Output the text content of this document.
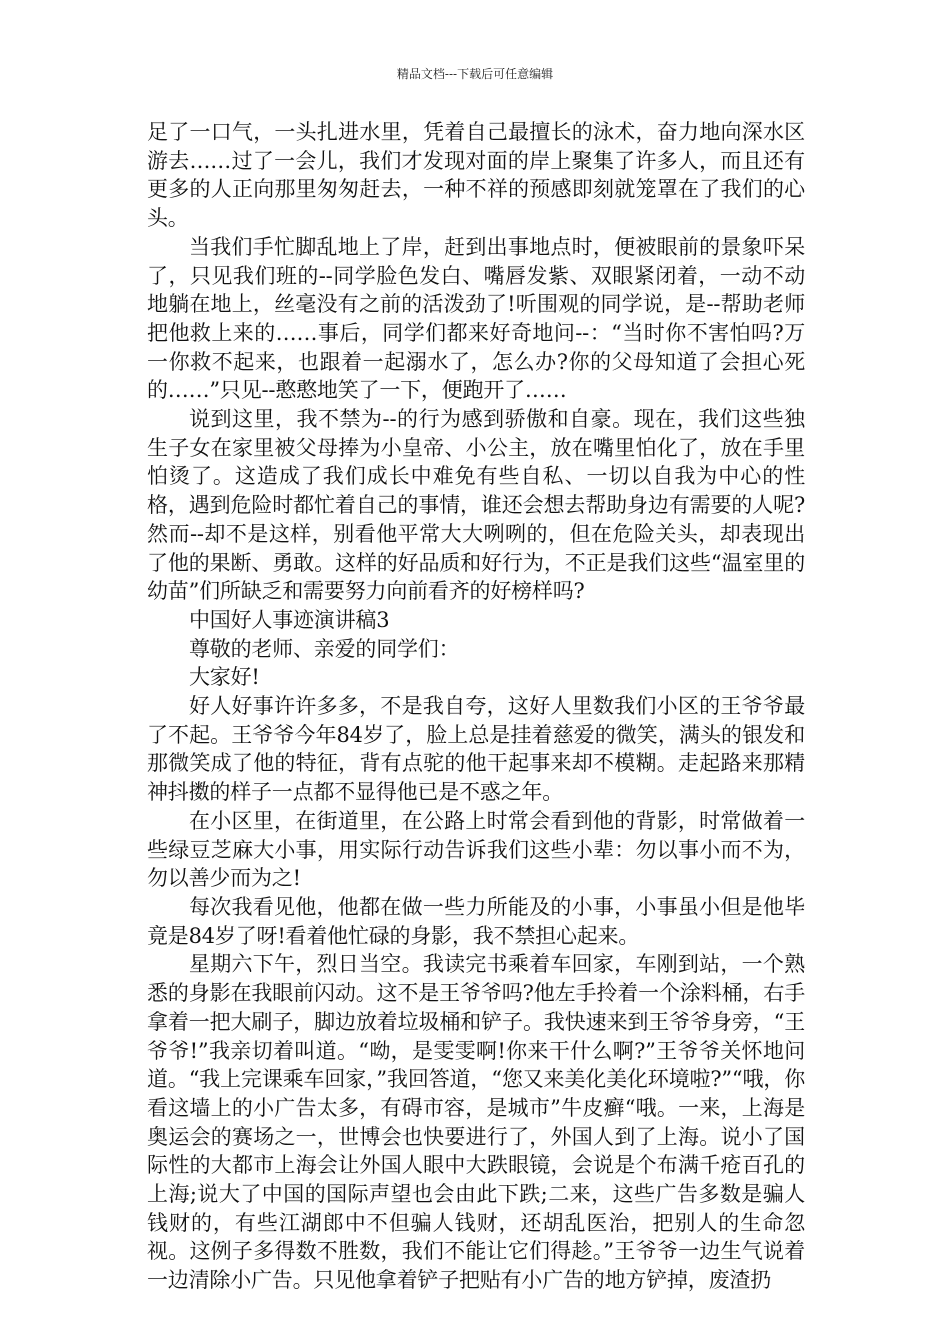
精品文档---下载后可任意编辑

足了一口气，一头扎进水里，凭着自己最擅长的泳术，奋力地向深水区游去……过了一会儿，我们才发现对面的岸上聚集了许多人，而且还有更多的人正向那里匆匆赶去，一种不祥的预感即刻就笼罩在了我们的心头。

当我们手忙脚乱地上了岸，赶到出事地点时，便被眼前的景象吓呆了，只见我们班的--同学脸色发白、嘴唇发紫、双眼紧闭着，一动不动地躺在地上，丝毫没有之前的活泼劲了!听围观的同学说，是--帮助老师把他救上来的……事后，同学们都来好奇地问--：“当时你不害怕吗?万一你救不起来，也跟着一起溺水了，怎么办?你的父母知道了会担心死的……”只见--憨憨地笑了一下，便跑开了……

说到这里，我不禁为--的行为感到骄傲和自豪。现在，我们这些独生子女在家里被父母捧为小皇帝、小公主，放在嘴里怕化了，放在手里怕烫了。这造成了我们成长中难免有些自私、一切以自我为中心的性格，遇到危险时都忙着自己的事情，谁还会想去帮助身边有需要的人呢?然而--却不是这样，别看他平常大大咧咧的，但在危险关头，却表现出了他的果断、勇敢。这样的好品质和好行为，不正是我们这些“温室里的幼苗”们所缺乏和需要努力向前看齐的好榜样吗?

中国好人事迹演讲稿3

尊敬的老师、亲爱的同学们：

大家好!

好人好事许许多多，不是我自夸，这好人里数我们小区的王爷爷最了不起。王爷爷今年84岁了，脸上总是挂着慈爱的微笑，满头的银发和那微笑成了他的特征，背有点驼的他干起事来却不模糊。走起路来那精神抖擞的样子一点都不显得他已是不惑之年。

在小区里，在街道里，在公路上时常会看到他的背影，时常做着一些绿豆芝麻大小事，用实际行动告诉我们这些小辈：勿以事小而不为，勿以善少而为之!

每次我看见他，他都在做一些力所能及的小事，小事虽小但是他毕竟是84岁了呀!看着他忙碌的身影，我不禁担心起来。

星期六下午，烈日当空。我读完书乘着车回家，车刚到站，一个熟悉的身影在我眼前闪动。这不是王爷爷吗?他左手拎着一个涂料桶，右手拿着一把大刷子，脚边放着垃圾桶和铲子。我快速来到王爷爷身旁，“王爷爷!”我亲切着叫道。“呦，是雯雯啊!你来干什么啊?”王爷爷关怀地问道。“我上完课乘车回家，”我回答道，“您又来美化美化环境啦?”“哦，你看这墙上的小广告太多，有碍市容，是城市”牛皮癣“哦。一来，上海是奥运会的赛场之一，世博会也快要进行了，外国人到了上海。说小了国际性的大都市上海会让外国人眼中大跌眼镜，会说是个布满千疮百孔的上海;说大了中国的国际声望也会由此下跌;二来，这些广告多数是骗人钱财的，有些江湖郎中不但骗人钱财，还胡乱医治，把别人的生命忽视。这例子多得数不胜数，我们不能让它们得趁。”王爷爷一边生气说着一边清除小广告。只见他拿着铲子把贴有小广告的地方铲掉，废渣扔
